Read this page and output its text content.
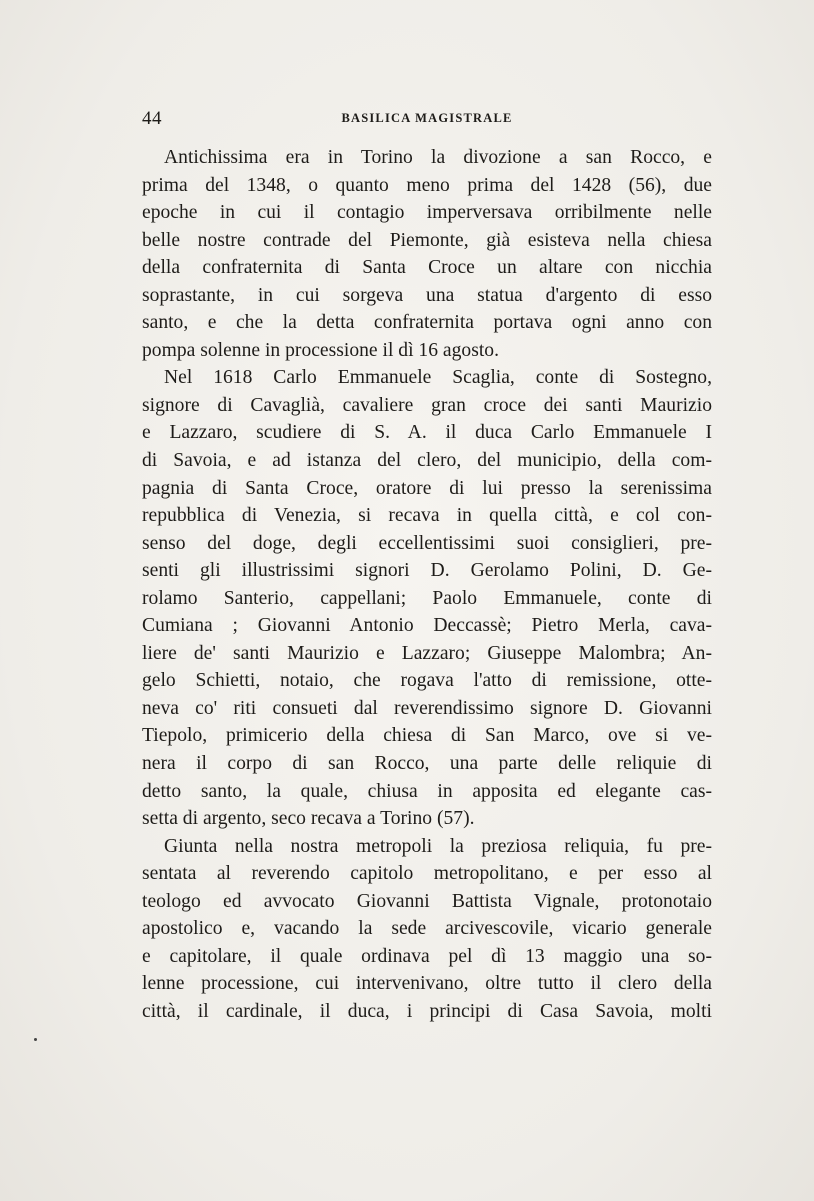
44	BASILICA MAGISTRALE
Antichissima era in Torino la divozione a san Rocco, e
prima del 1348, o quanto meno prima del 1428 (56), due
epoche in cui il contagio imperversava orribilmente nelle
belle nostre contrade del Piemonte, già esisteva nella chiesa
della confraternita di Santa Croce un altare con nicchia
soprastante, in cui sorgeva una statua d'argento di esso
santo, e che la detta confraternita portava ogni anno con
pompa solenne in processione il dì 16 agosto.
Nel 1618 Carlo Emmanuele Scaglia, conte di Sostegno,
signore di Cavaglià, cavaliere gran croce dei santi Maurizio
e Lazzaro, scudiere di S. A. il duca Carlo Emmanuele I
di Savoia, e ad istanza del clero, del municipio, della com-
pagnia di Santa Croce, oratore di lui presso la serenissima
repubblica di Venezia, si recava in quella città, e col con-
senso del doge, degli eccellentissimi suoi consiglieri, pre-
senti gli illustrissimi signori D. Gerolamo Polini, D. Ge-
rolamo Santerio, cappellani; Paolo Emmanuele, conte di
Cumiana ; Giovanni Antonio Deccassè; Pietro Merla, cava-
liere de' santi Maurizio e Lazzaro; Giuseppe Malombra; An-
gelo Schietti, notaio, che rogava l'atto di remissione, otte-
neva co' riti consueti dal reverendissimo signore D. Giovanni
Tiepolo, primicerio della chiesa di San Marco, ove si ve-
nera il corpo di san Rocco, una parte delle reliquie di
detto santo, la quale, chiusa in apposita ed elegante cas-
setta di argento, seco recava a Torino (57).
Giunta nella nostra metropoli la preziosa reliquia, fu pre-
sentata al reverendo capitolo metropolitano, e per esso al
teologo ed avvocato Giovanni Battista Vignale, protonotaio
apostolico e, vacando la sede arcivescovile, vicario generale
e capitolare, il quale ordinava pel dì 13 maggio una so-
lenne processione, cui intervenivano, oltre tutto il clero della
città, il cardinale, il duca, i principi di Casa Savoia, molti
